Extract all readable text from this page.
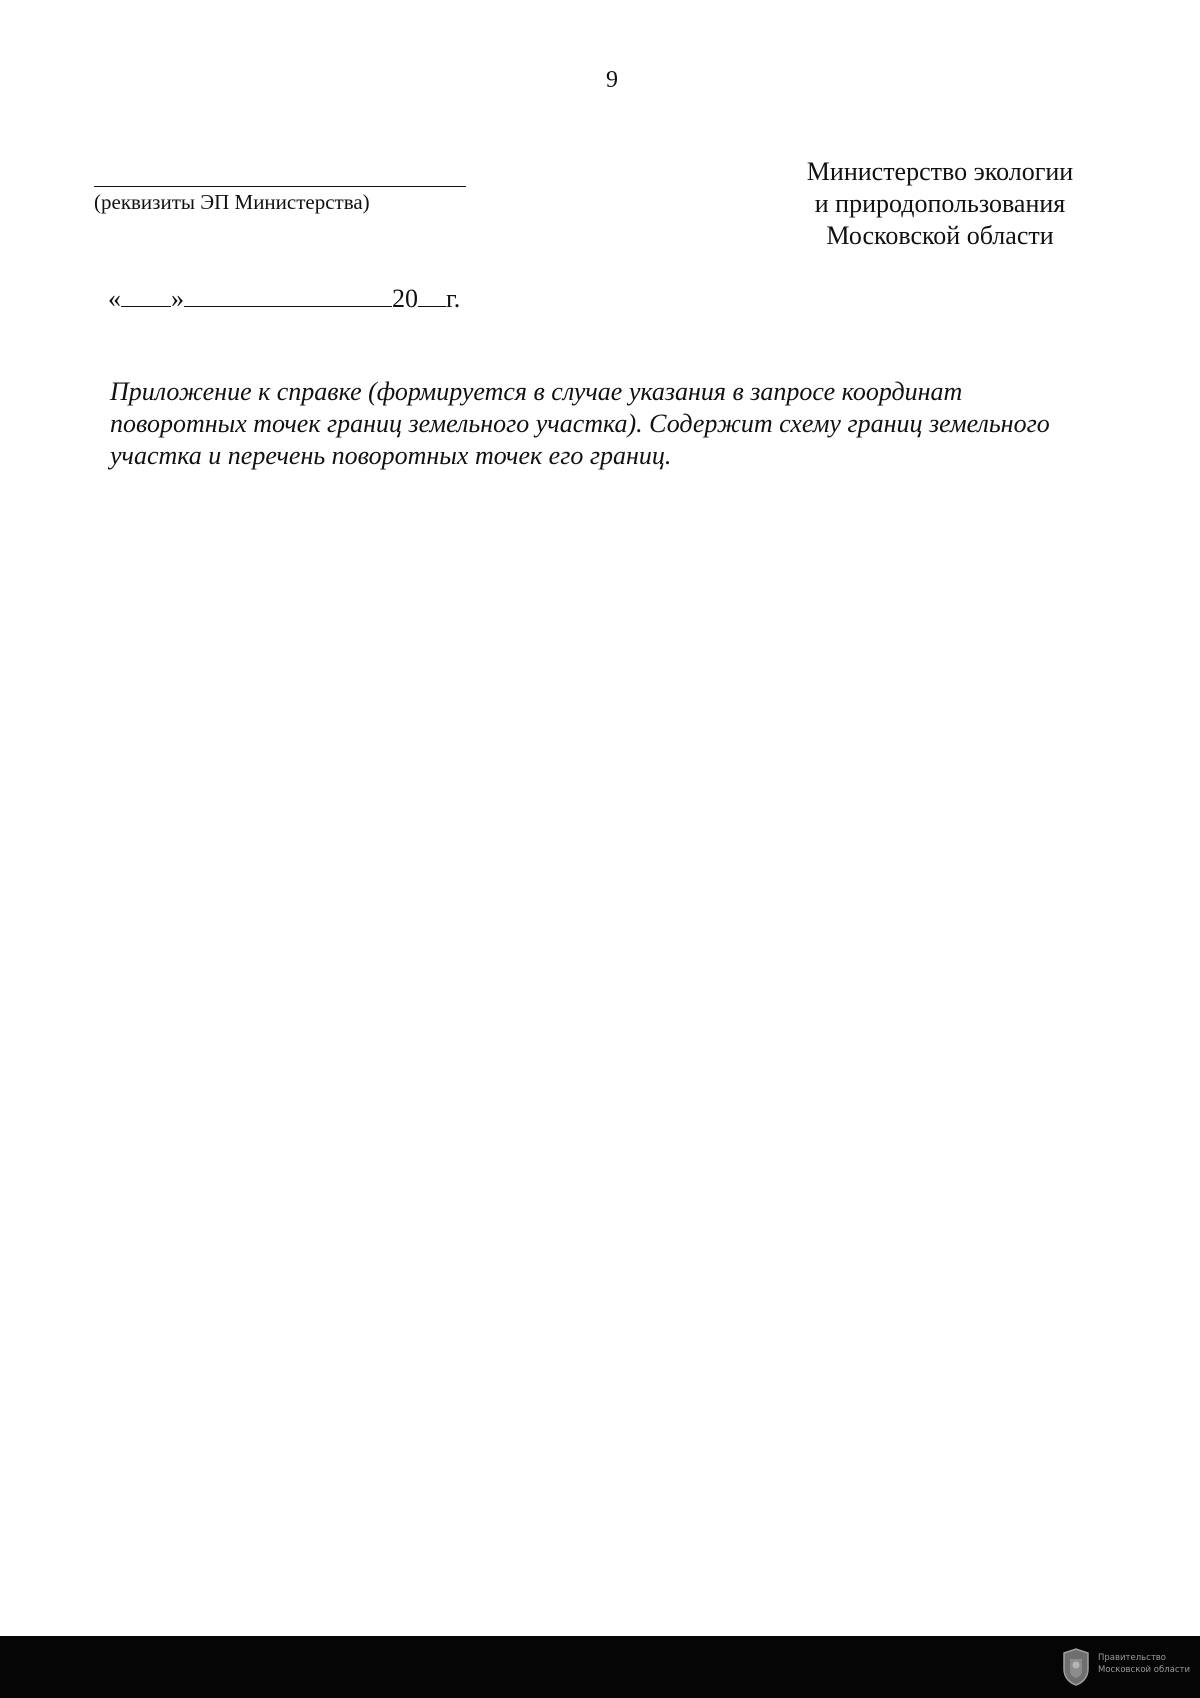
9
(реквизиты ЭП Министерства)
Министерство экологии
и природопользования
Московской области
« »	20 г.
Приложение к справке (формируется в случае указания в запросе координат поворотных точек границ земельного участка). Содержит схему границ земельного участка и перечень поворотных точек его границ.
Правительство
Московской области
